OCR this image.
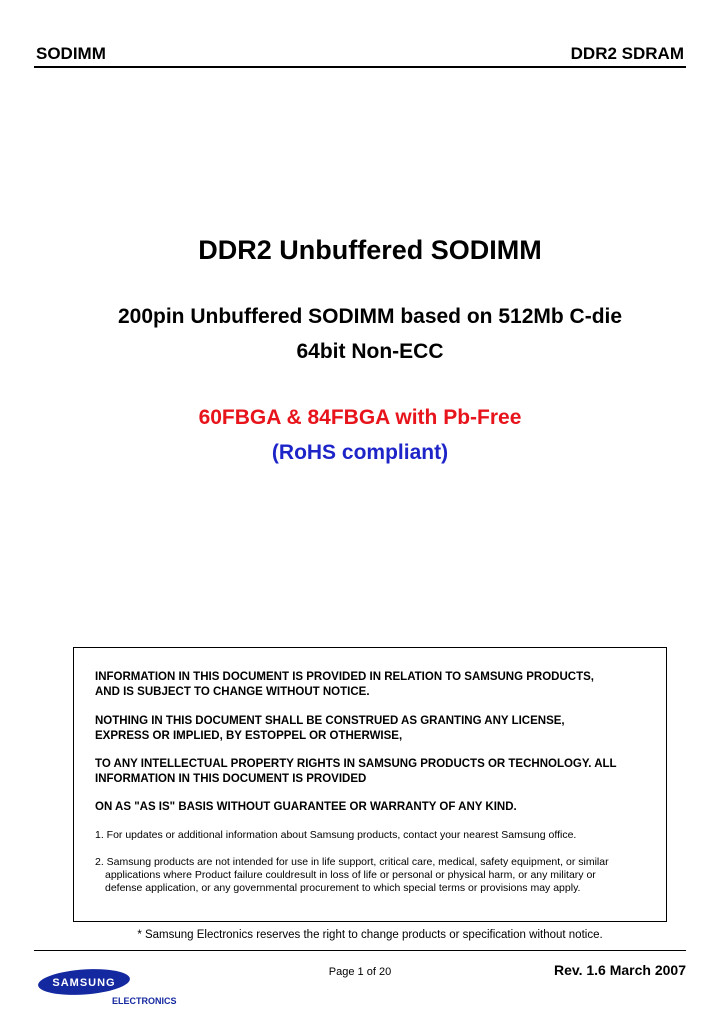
SODIMM	DDR2 SDRAM
DDR2 Unbuffered SODIMM
200pin Unbuffered SODIMM based on 512Mb C-die
64bit Non-ECC
60FBGA & 84FBGA with Pb-Free
(RoHS compliant)
INFORMATION IN THIS DOCUMENT IS PROVIDED IN RELATION TO SAMSUNG PRODUCTS,
AND IS SUBJECT TO CHANGE WITHOUT NOTICE.
NOTHING IN THIS DOCUMENT SHALL BE CONSTRUED AS GRANTING ANY LICENSE,
EXPRESS OR IMPLIED, BY ESTOPPEL OR OTHERWISE,
TO ANY INTELLECTUAL PROPERTY RIGHTS IN SAMSUNG PRODUCTS OR TECHNOLOGY. ALL
INFORMATION IN THIS DOCUMENT IS PROVIDED
ON AS "AS IS" BASIS WITHOUT GUARANTEE OR WARRANTY OF ANY KIND.
1. For updates or additional information about Samsung products, contact your nearest Samsung office.
2. Samsung products are not intended for use in life support, critical care, medical, safety equipment, or similar
applications where Product failure couldresult in loss of life or personal or physical harm, or any military or
defense application, or any governmental procurement to which special terms or provisions may apply.
* Samsung Electronics reserves the right to change products or specification without notice.
SAMSUNG
ELECTRONICS
Page 1 of 20	Rev. 1.6 March 2007
